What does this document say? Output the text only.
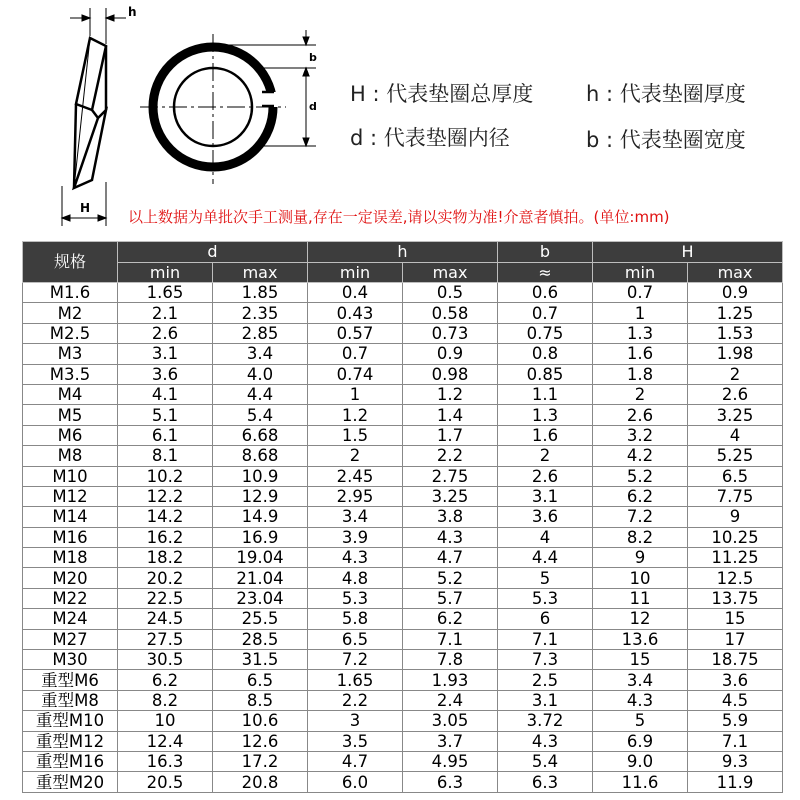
h
H
b
d
H : 代表垫圈总厚度	h : 代表垫圈厚度
d : 代表垫圈内径	b : 代表垫圈宽度
以上数据为单批次手工测量,存在一定误差,请以实物为准!介意者慎拍。(单位:mm)
规格	d		h		b	H	
	min	max	min	max	≈	min	max
M1.6	1.65	1.85	0.4	0.5	0.6	0.7	0.9
M2	2.1	2.35	0.43	0.58	0.7	1	1.25
M2.5	2.6	2.85	0.57	0.73	0.75	1.3	1.53
M3	3.1	3.4	0.7	0.9	0.8	1.6	1.98
M3.5	3.6	4.0	0.74	0.98	0.85	1.8	2
M4	4.1	4.4	1	1.2	1.1	2	2.6
M5	5.1	5.4	1.2	1.4	1.3	2.6	3.25
M6	6.1	6.68	1.5	1.7	1.6	3.2	4
M8	8.1	8.68	2	2.2	2	4.2	5.25
M10	10.2	10.9	2.45	2.75	2.6	5.2	6.5
M12	12.2	12.9	2.95	3.25	3.1	6.2	7.75
M14	14.2	14.9	3.4	3.8	3.6	7.2	9
M16	16.2	16.9	3.9	4.3	4	8.2	10.25
M18	18.2	19.04	4.3	4.7	4.4	9	11.25
M20	20.2	21.04	4.8	5.2	5	10	12.5
M22	22.5	23.04	5.3	5.7	5.3	11	13.75
M24	24.5	25.5	5.8	6.2	6	12	15
M27	27.5	28.5	6.5	7.1	7.1	13.6	17
M30	30.5	31.5	7.2	7.8	7.3	15	18.75
重型M6	6.2	6.5	1.65	1.93	2.5	3.4	3.6
重型M8	8.2	8.5	2.2	2.4	3.1	4.3	4.5
重型M10	10	10.6	3	3.05	3.72	5	5.9
重型M12	12.4	12.6	3.5	3.7	4.3	6.9	7.1
重型M16	16.3	17.2	4.7	4.95	5.4	9.0	9.3
重型M20	20.5	20.8	6.0	6.3	6.3	11.6	11.9
